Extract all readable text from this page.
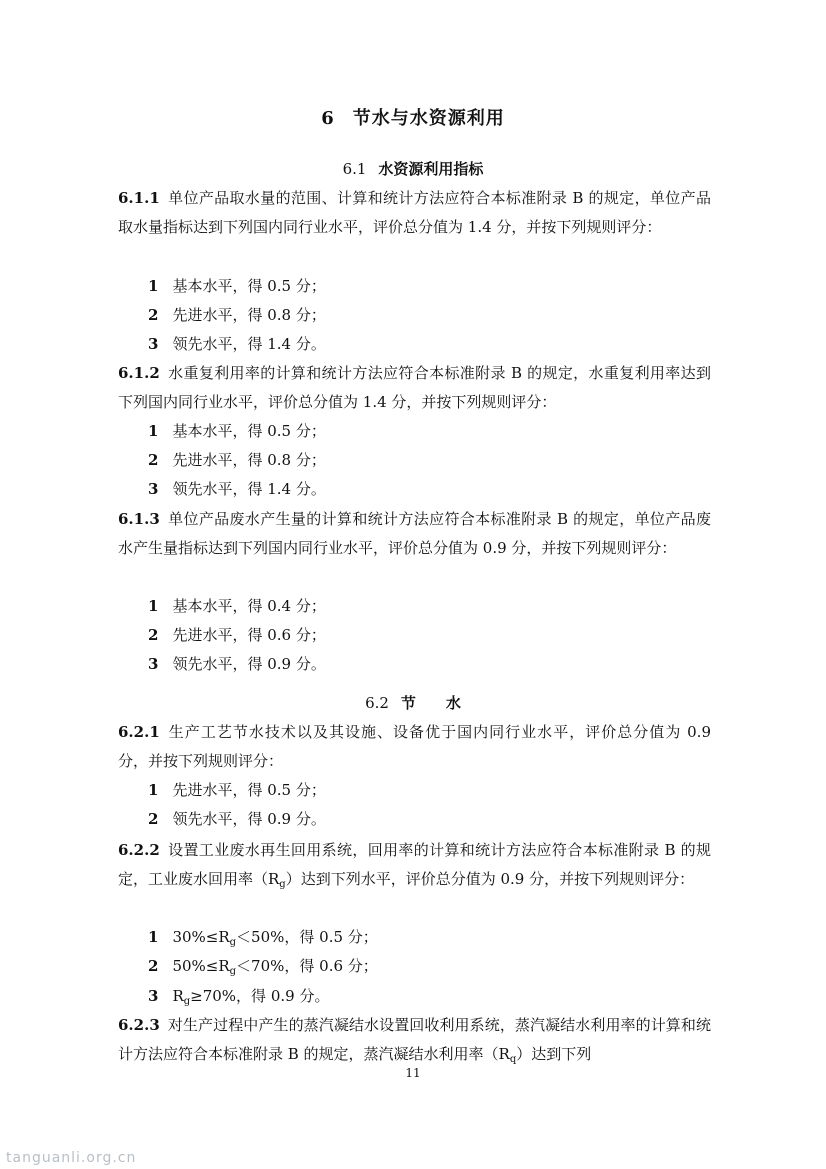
6 节水与水资源利用
6.1 水资源利用指标
6.1.1 单位产品取水量的范围、计算和统计方法应符合本标准附录 B 的规定，单位产品取水量指标达到下列国内同行业水平，评价总分值为 1.4 分，并按下列规则评分：
1 基本水平，得 0.5 分；
2 先进水平，得 0.8 分；
3 领先水平，得 1.4 分。
6.1.2 水重复利用率的计算和统计方法应符合本标准附录 B 的规定，水重复利用率达到下列国内同行业水平，评价总分值为 1.4 分，并按下列规则评分：
1 基本水平，得 0.5 分；
2 先进水平，得 0.8 分；
3 领先水平，得 1.4 分。
6.1.3 单位产品废水产生量的计算和统计方法应符合本标准附录 B 的规定，单位产品废水产生量指标达到下列国内同行业水平，评价总分值为 0.9 分，并按下列规则评分：
1 基本水平，得 0.4 分；
2 先进水平，得 0.6 分；
3 领先水平，得 0.9 分。
6.2 节　　水
6.2.1 生产工艺节水技术以及其设施、设备优于国内同行业水平，评价总分值为 0.9 分，并按下列规则评分：
1 先进水平，得 0.5 分；
2 领先水平，得 0.9 分。
6.2.2 设置工业废水再生回用系统，回用率的计算和统计方法应符合本标准附录 B 的规定，工业废水回用率$(R_g)$达到下列水平，评价总分值为 0.9 分，并按下列规则评分：
1 $30\%\le R_g<50\%$，得 0.5 分；
2 $50\%\le R_g<70\%$，得 0.6 分；
3 $R_g\ge 70\%$，得 0.9 分。
6.2.3 对生产过程中产生的蒸汽凝结水设置回收利用系统，蒸汽凝结水利用率的计算和统计方法应符合本标准附录 B 的规定，蒸汽凝结水利用率$(R_q)$达到下列
11
tanguanli.org.cn
